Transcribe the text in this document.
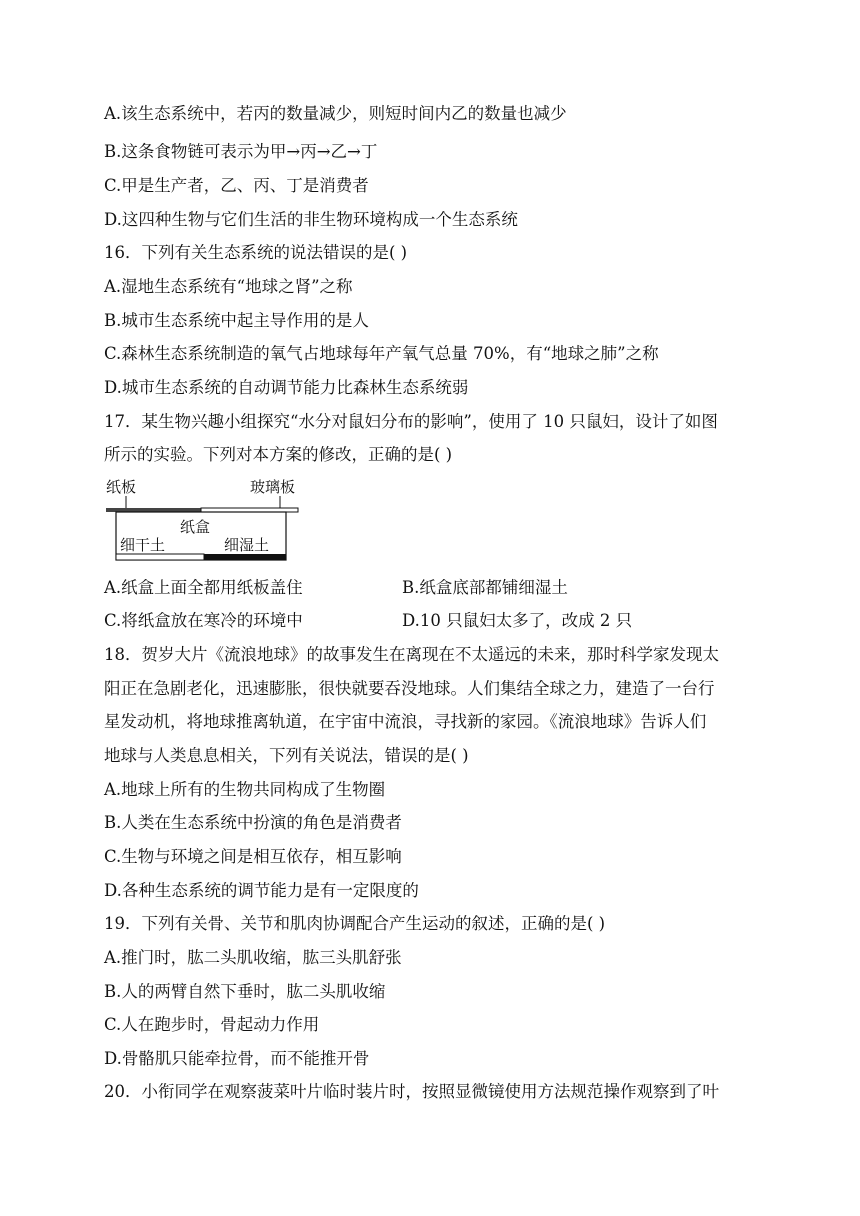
A.该生态系统中，若丙的数量减少，则短时间内乙的数量也减少
B.这条食物链可表示为甲→丙→乙→丁
C.甲是生产者，乙、丙、丁是消费者
D.这四种生物与它们生活的非生物环境构成一个生态系统
16．下列有关生态系统的说法错误的是( )
A.湿地生态系统有“地球之肾”之称
B.城市生态系统中起主导作用的是人
C.森林生态系统制造的氧气占地球每年产氧气总量 70%，有“地球之肺”之称
D.城市生态系统的自动调节能力比森林生态系统弱
17．某生物兴趣小组探究“水分对鼠妇分布的影响”，使用了 10 只鼠妇，设计了如图
所示的实验。下列对本方案的修改，正确的是( )
纸板	玻璃板
纸盒
细干土	细湿土
A.纸盒上面全都用纸板盖住	B.纸盒底部都铺细湿土
C.将纸盒放在寒冷的环境中	D.10 只鼠妇太多了，改成 2 只
18．贺岁大片《流浪地球》的故事发生在离现在不太遥远的未来，那时科学家发现太
阳正在急剧老化，迅速膨胀，很快就要吞没地球。人们集结全球之力，建造了一台行
星发动机，将地球推离轨道，在宇宙中流浪，寻找新的家园。《流浪地球》告诉人们
地球与人类息息相关，下列有关说法，错误的是( )
A.地球上所有的生物共同构成了生物圈
B.人类在生态系统中扮演的角色是消费者
C.生物与环境之间是相互依存，相互影响
D.各种生态系统的调节能力是有一定限度的
19．下列有关骨、关节和肌肉协调配合产生运动的叙述，正确的是( )
A.推门时，肱二头肌收缩，肱三头肌舒张
B.人的两臂自然下垂时，肱二头肌收缩
C.人在跑步时，骨起动力作用
D.骨骼肌只能牵拉骨，而不能推开骨
20．小衔同学在观察菠菜叶片临时装片时，按照显微镜使用方法规范操作观察到了叶
